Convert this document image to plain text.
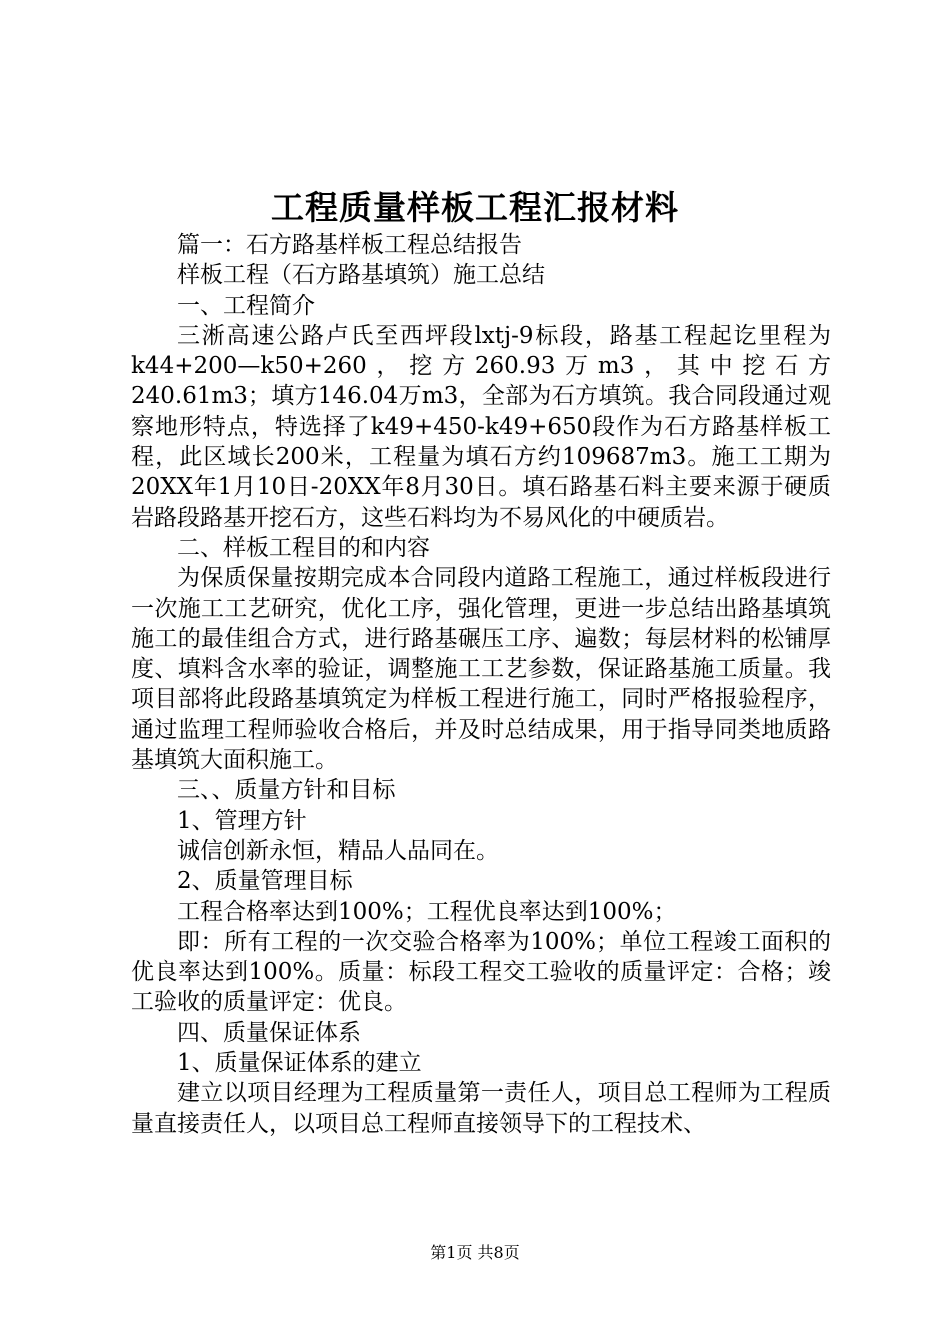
工程质量样板工程汇报材料

篇一：石方路基样板工程总结报告

样板工程（石方路基填筑）施工总结

一、工程简介

三淅高速公路卢氏至西坪段lxtj-9标段，路基工程起讫里程为k44+200—k50+260，挖方260.93万m3，其中挖石方240.61m3；填方146.04万m3，全部为石方填筑。我合同段通过观察地形特点，特选择了k49+450-k49+650段作为石方路基样板工程，此区域长200米，工程量为填石方约109687m3。施工工期为20XX年1月10日-20XX年8月30日。填石路基石料主要来源于硬质岩路段路基开挖石方，这些石料均为不易风化的中硬质岩。

二、样板工程目的和内容

为保质保量按期完成本合同段内道路工程施工，通过样板段进行一次施工工艺研究，优化工序，强化管理，更进一步总结出路基填筑施工的最佳组合方式，进行路基碾压工序、遍数；每层材料的松铺厚度、填料含水率的验证，调整施工工艺参数，保证路基施工质量。我项目部将此段路基填筑定为样板工程进行施工，同时严格报验程序，通过监理工程师验收合格后，并及时总结成果，用于指导同类地质路基填筑大面积施工。

三、、质量方针和目标

1、管理方针

诚信创新永恒，精品人品同在。

2、质量管理目标

工程合格率达到100%；工程优良率达到100%；

即：所有工程的一次交验合格率为100%；单位工程竣工面积的优良率达到100%。质量：标段工程交工验收的质量评定：合格；竣工验收的质量评定：优良。

四、质量保证体系

1、质量保证体系的建立

建立以项目经理为工程质量第一责任人，项目总工程师为工程质量直接责任人，以项目总工程师直接领导下的工程技术、

第1页 共8页
